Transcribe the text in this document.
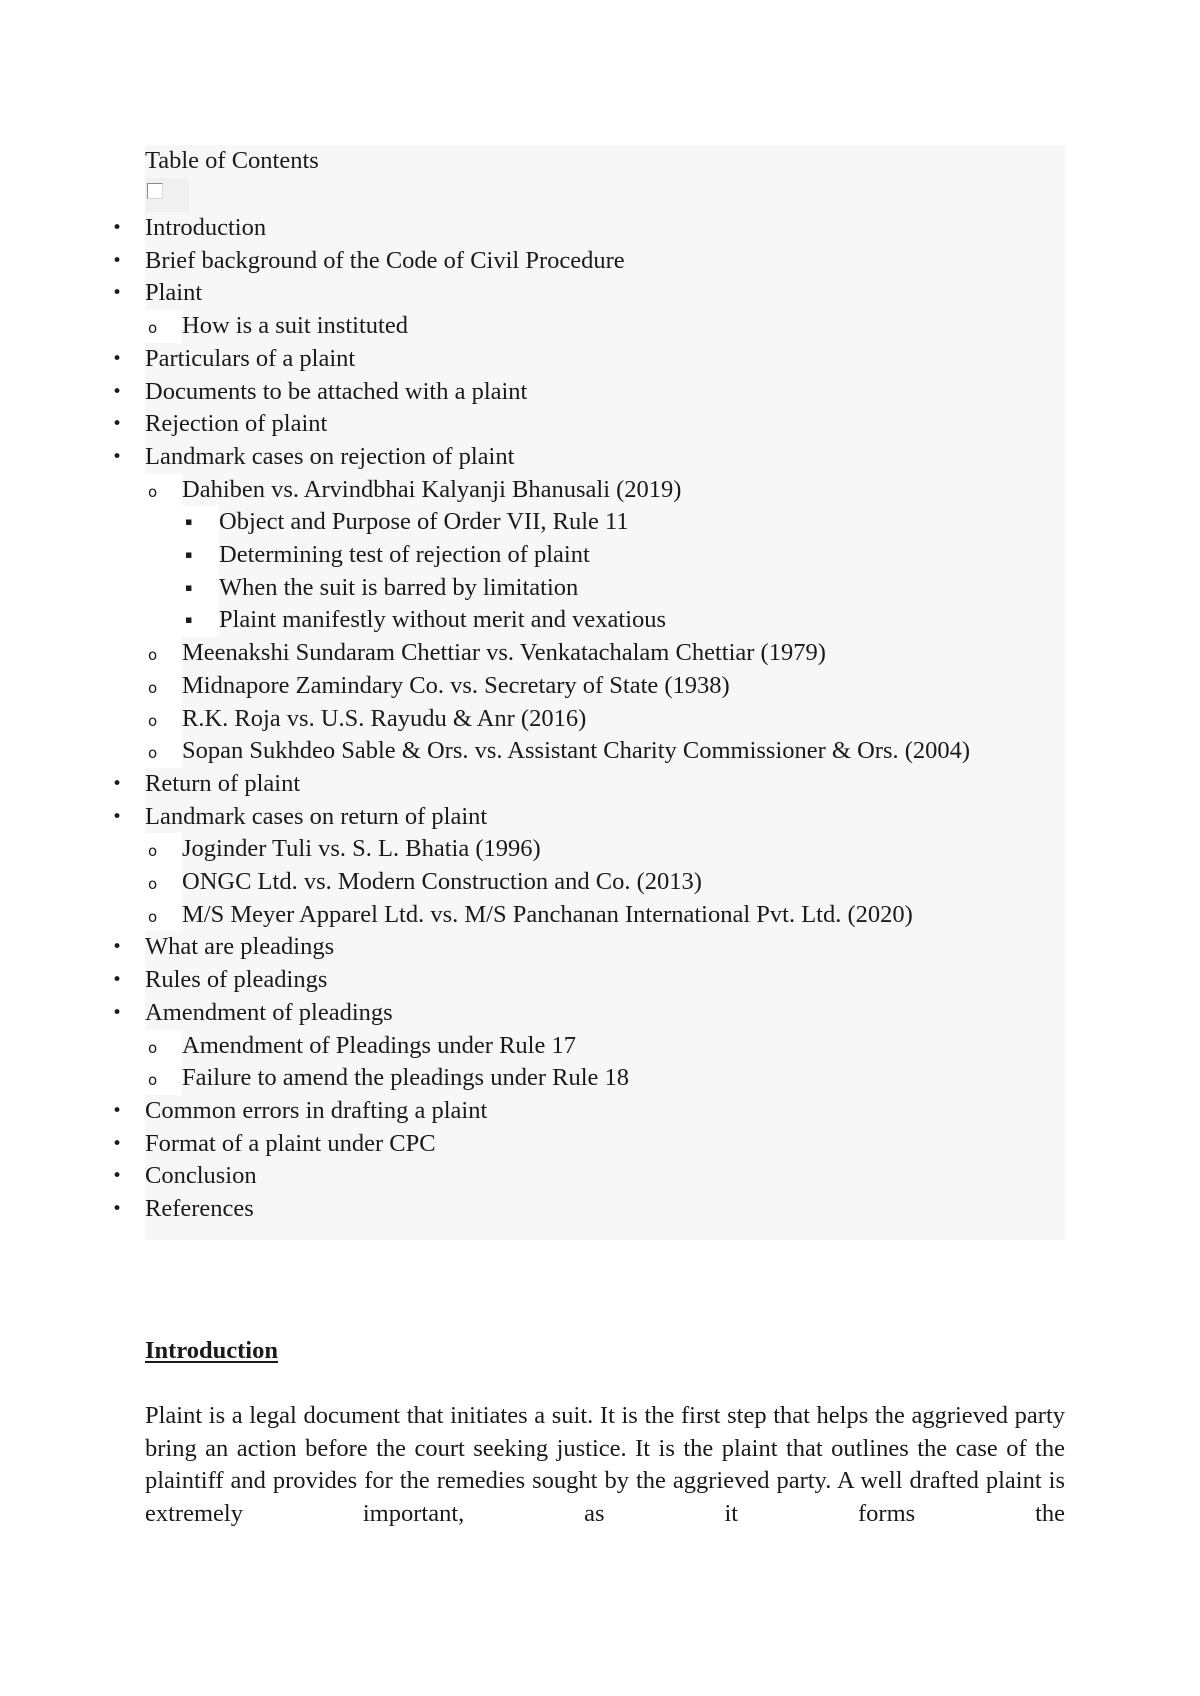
Table of Contents
• Introduction
• Brief background of the Code of Civil Procedure
• Plaint
o How is a suit instituted
• Particulars of a plaint
• Documents to be attached with a plaint
• Rejection of plaint
• Landmark cases on rejection of plaint
o Dahiben vs. Arvindbhai Kalyanji Bhanusali (2019)
▪ Object and Purpose of Order VII, Rule 11
▪ Determining test of rejection of plaint
▪ When the suit is barred by limitation
▪ Plaint manifestly without merit and vexatious
o Meenakshi Sundaram Chettiar vs. Venkatachalam Chettiar (1979)
o Midnapore Zamindary Co. vs. Secretary of State (1938)
o R.K. Roja vs. U.S. Rayudu & Anr (2016)
o Sopan Sukhdeo Sable & Ors. vs. Assistant Charity Commissioner & Ors. (2004)
• Return of plaint
• Landmark cases on return of plaint
o Joginder Tuli vs. S. L. Bhatia (1996)
o ONGC Ltd. vs. Modern Construction and Co. (2013)
o M/S Meyer Apparel Ltd. vs. M/S Panchanan International Pvt. Ltd. (2020)
• What are pleadings
• Rules of pleadings
• Amendment of pleadings
o Amendment of Pleadings under Rule 17
o Failure to amend the pleadings under Rule 18
• Common errors in drafting a plaint
• Format of a plaint under CPC
• Conclusion
• References
Introduction

Plaint is a legal document that initiates a suit. It is the first step that helps the aggrieved party bring an action before the court seeking justice. It is the plaint that outlines the case of the plaintiff and provides for the remedies sought by the aggrieved party. A well drafted plaint is extremely important, as it forms the
